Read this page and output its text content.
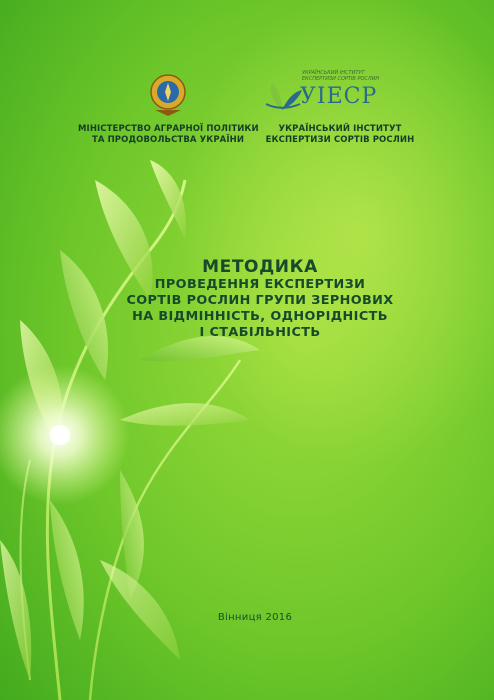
МІНІСТЕРСТВО АГРАРНОЇ ПОЛІТИКИ
ТА ПРОДОВОЛЬСТВА УКРАЇНИ
УКРАЇНСЬКИЙ ІНСТИТУТ
ЕКСПЕРТИЗИ СОРТІВ РОСЛИН
УІЕСР
УКРАЇНСЬКИЙ ІНСТИТУТ
ЕКСПЕРТИЗИ СОРТІВ РОСЛИН
МЕТОДИКА
ПРОВЕДЕННЯ ЕКСПЕРТИЗИ
СОРТІВ РОСЛИН ГРУПИ ЗЕРНОВИХ
НА ВІДМІННІСТЬ, ОДНОРІДНІСТЬ
І СТАБІЛЬНІСТЬ
Вінниця 2016
